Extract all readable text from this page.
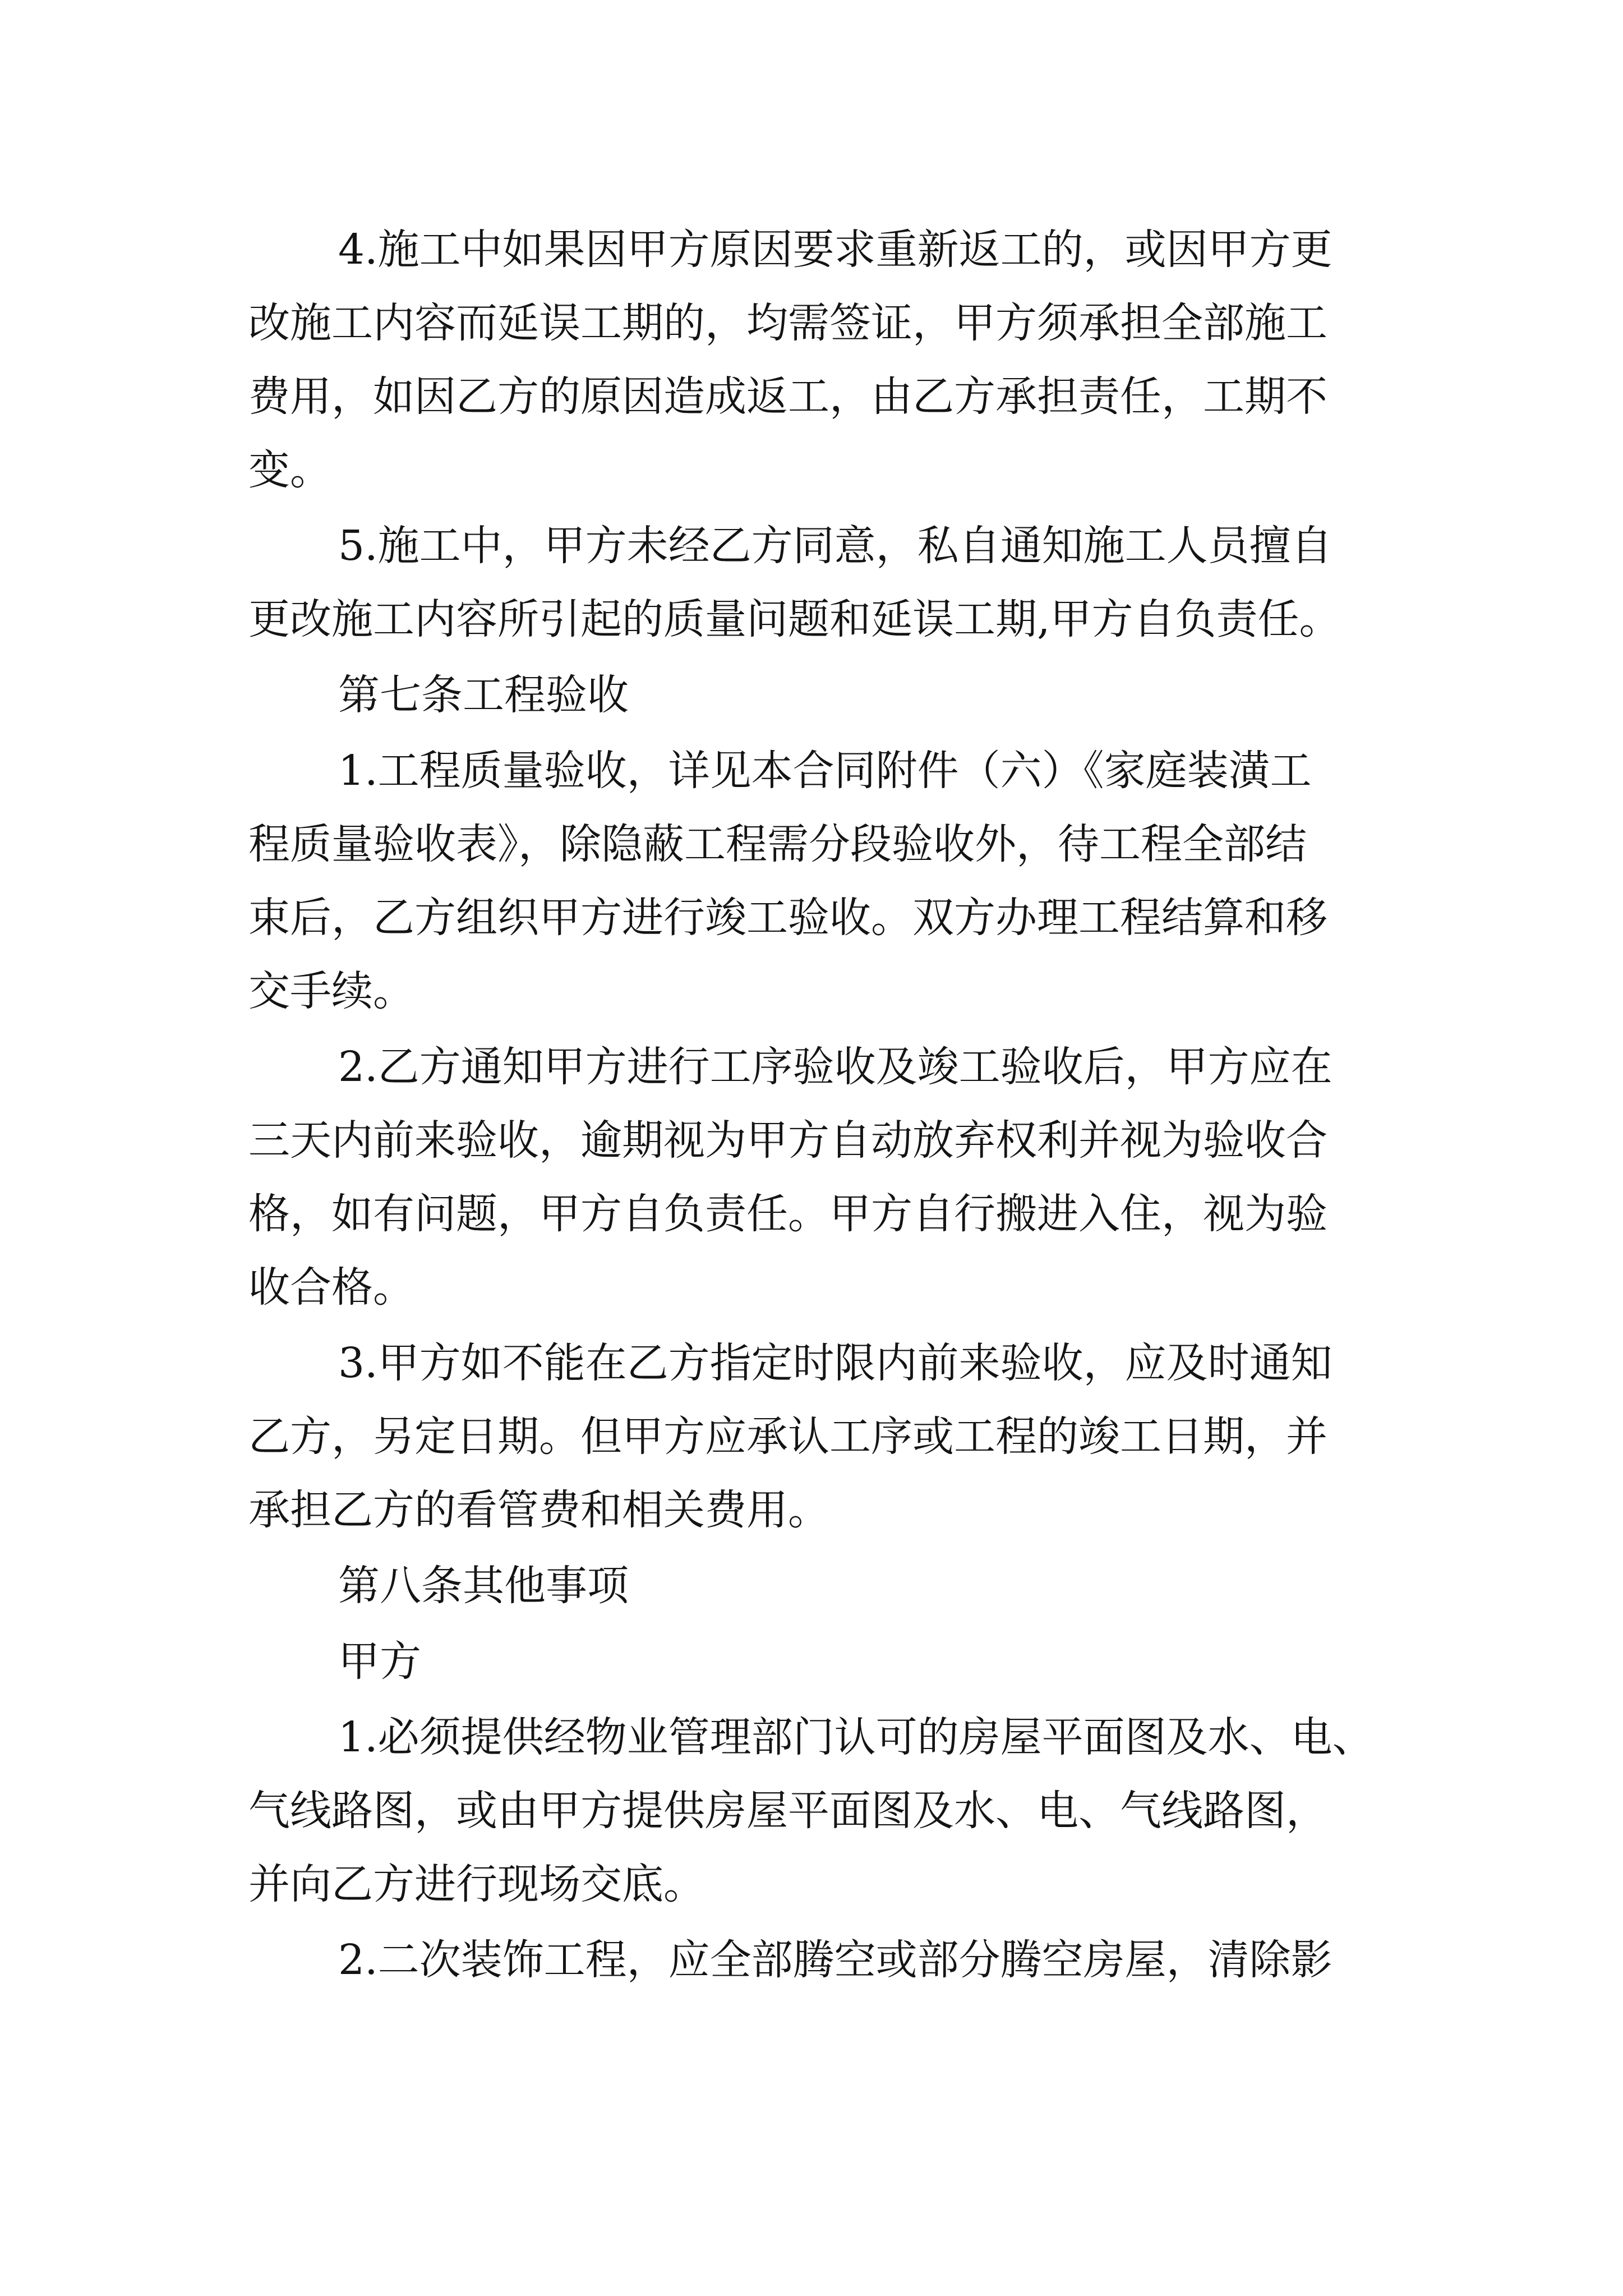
4.施工中如果因甲方原因要求重新返工的，或因甲方更

改施工内容而延误工期的，均需签证，甲方须承担全部施工

费用，如因乙方的原因造成返工，由乙方承担责任，工期不

变。

5.施工中，甲方未经乙方同意，私自通知施工人员擅自

更改施工内容所引起的质量问题和延误工期,甲方自负责任。

第七条工程验收

1.工程质量验收，详见本合同附件（六）《家庭装潢工

程质量验收表》，除隐蔽工程需分段验收外，待工程全部结

束后，乙方组织甲方进行竣工验收。双方办理工程结算和移

交手续。

2.乙方通知甲方进行工序验收及竣工验收后，甲方应在

三天内前来验收，逾期视为甲方自动放弃权利并视为验收合

格，如有问题，甲方自负责任。甲方自行搬进入住，视为验

收合格。

3.甲方如不能在乙方指定时限内前来验收，应及时通知

乙方，另定日期。但甲方应承认工序或工程的竣工日期，并

承担乙方的看管费和相关费用。

第八条其他事项

甲方

1.必须提供经物业管理部门认可的房屋平面图及水、电、

气线路图，或由甲方提供房屋平面图及水、电、气线路图，

并向乙方进行现场交底。

2.二次装饰工程，应全部腾空或部分腾空房屋，清除影
